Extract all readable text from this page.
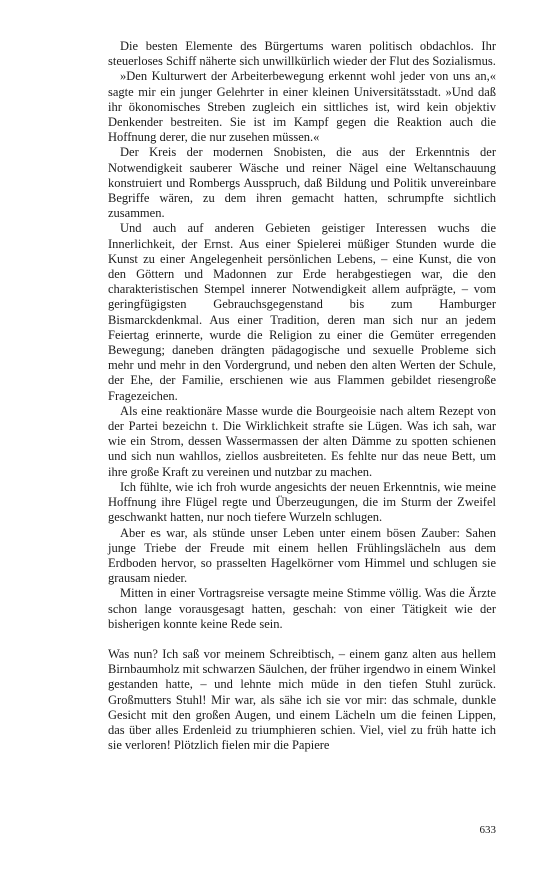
Die besten Elemente des Bürgertums waren politisch obdachlos. Ihr steuerloses Schiff näherte sich unwillkürlich wieder der Flut des Sozialismus.

»Den Kulturwert der Arbeiterbewegung erkennt wohl jeder von uns an,« sagte mir ein junger Gelehrter in einer kleinen Universitätsstadt. »Und daß ihr ökonomisches Streben zugleich ein sittliches ist, wird kein objektiv Denkender bestreiten. Sie ist im Kampf gegen die Reaktion auch die Hoffnung derer, die nur zusehen müssen.«

Der Kreis der modernen Snobisten, die aus der Erkenntnis der Notwendigkeit sauberer Wäsche und reiner Nägel eine Weltanschauung konstruiert und Rombergs Ausspruch, daß Bildung und Politik unvereinbare Begriffe wären, zu dem ihren gemacht hatten, schrumpfte sichtlich zusammen.

Und auch auf anderen Gebieten geistiger Interessen wuchs die Innerlichkeit, der Ernst. Aus einer Spielerei müßiger Stunden wurde die Kunst zu einer Angelegenheit persönlichen Lebens, – eine Kunst, die von den Göttern und Madonnen zur Erde herabgestiegen war, die den charakteristischen Stempel innerer Notwendigkeit allem aufprägte, – vom geringfügigsten Gebrauchsgegenstand bis zum Hamburger Bismarckdenkmal. Aus einer Tradition, deren man sich nur an jedem Feiertag erinnerte, wurde die Religion zu einer die Gemüter erregenden Bewegung; daneben drängten pädagogische und sexuelle Probleme sich mehr und mehr in den Vordergrund, und neben den alten Werten der Schule, der Ehe, der Familie, erschienen wie aus Flammen gebildet riesengroße Fragezeichen.

Als eine reaktionäre Masse wurde die Bourgeoisie nach altem Rezept von der Partei bezeichn t. Die Wirklichkeit strafte sie Lügen. Was ich sah, war wie ein Strom, dessen Wassermassen der alten Dämme zu spotten schienen und sich nun wahllos, ziellos ausbreiteten. Es fehlte nur das neue Bett, um ihre große Kraft zu vereinen und nutzbar zu machen.

Ich fühlte, wie ich froh wurde angesichts der neuen Erkenntnis, wie meine Hoffnung ihre Flügel regte und Überzeugungen, die im Sturm der Zweifel geschwankt hatten, nur noch tiefere Wurzeln schlugen.

Aber es war, als stünde unser Leben unter einem bösen Zauber: Sahen junge Triebe der Freude mit einem hellen Frühlingslächeln aus dem Erdboden hervor, so prasselten Hagelkörner vom Himmel und schlugen sie grausam nieder.

Mitten in einer Vortragsreise versagte meine Stimme völlig. Was die Ärzte schon lange vorausgesagt hatten, geschah: von einer Tätigkeit wie der bisherigen konnte keine Rede sein.

Was nun? Ich saß vor meinem Schreibtisch, – einem ganz alten aus hellem Birnbaumholz mit schwarzen Säulchen, der früher irgendwo in einem Winkel gestanden hatte, – und lehnte mich müde in den tiefen Stuhl zurück. Großmutters Stuhl! Mir war, als sähe ich sie vor mir: das schmale, dunkle Gesicht mit den großen Augen, und einem Lächeln um die feinen Lippen, das über alles Erdenleid zu triumphieren schien. Viel, viel zu früh hatte ich sie verloren! Plötzlich fielen mir die Papiere

633
